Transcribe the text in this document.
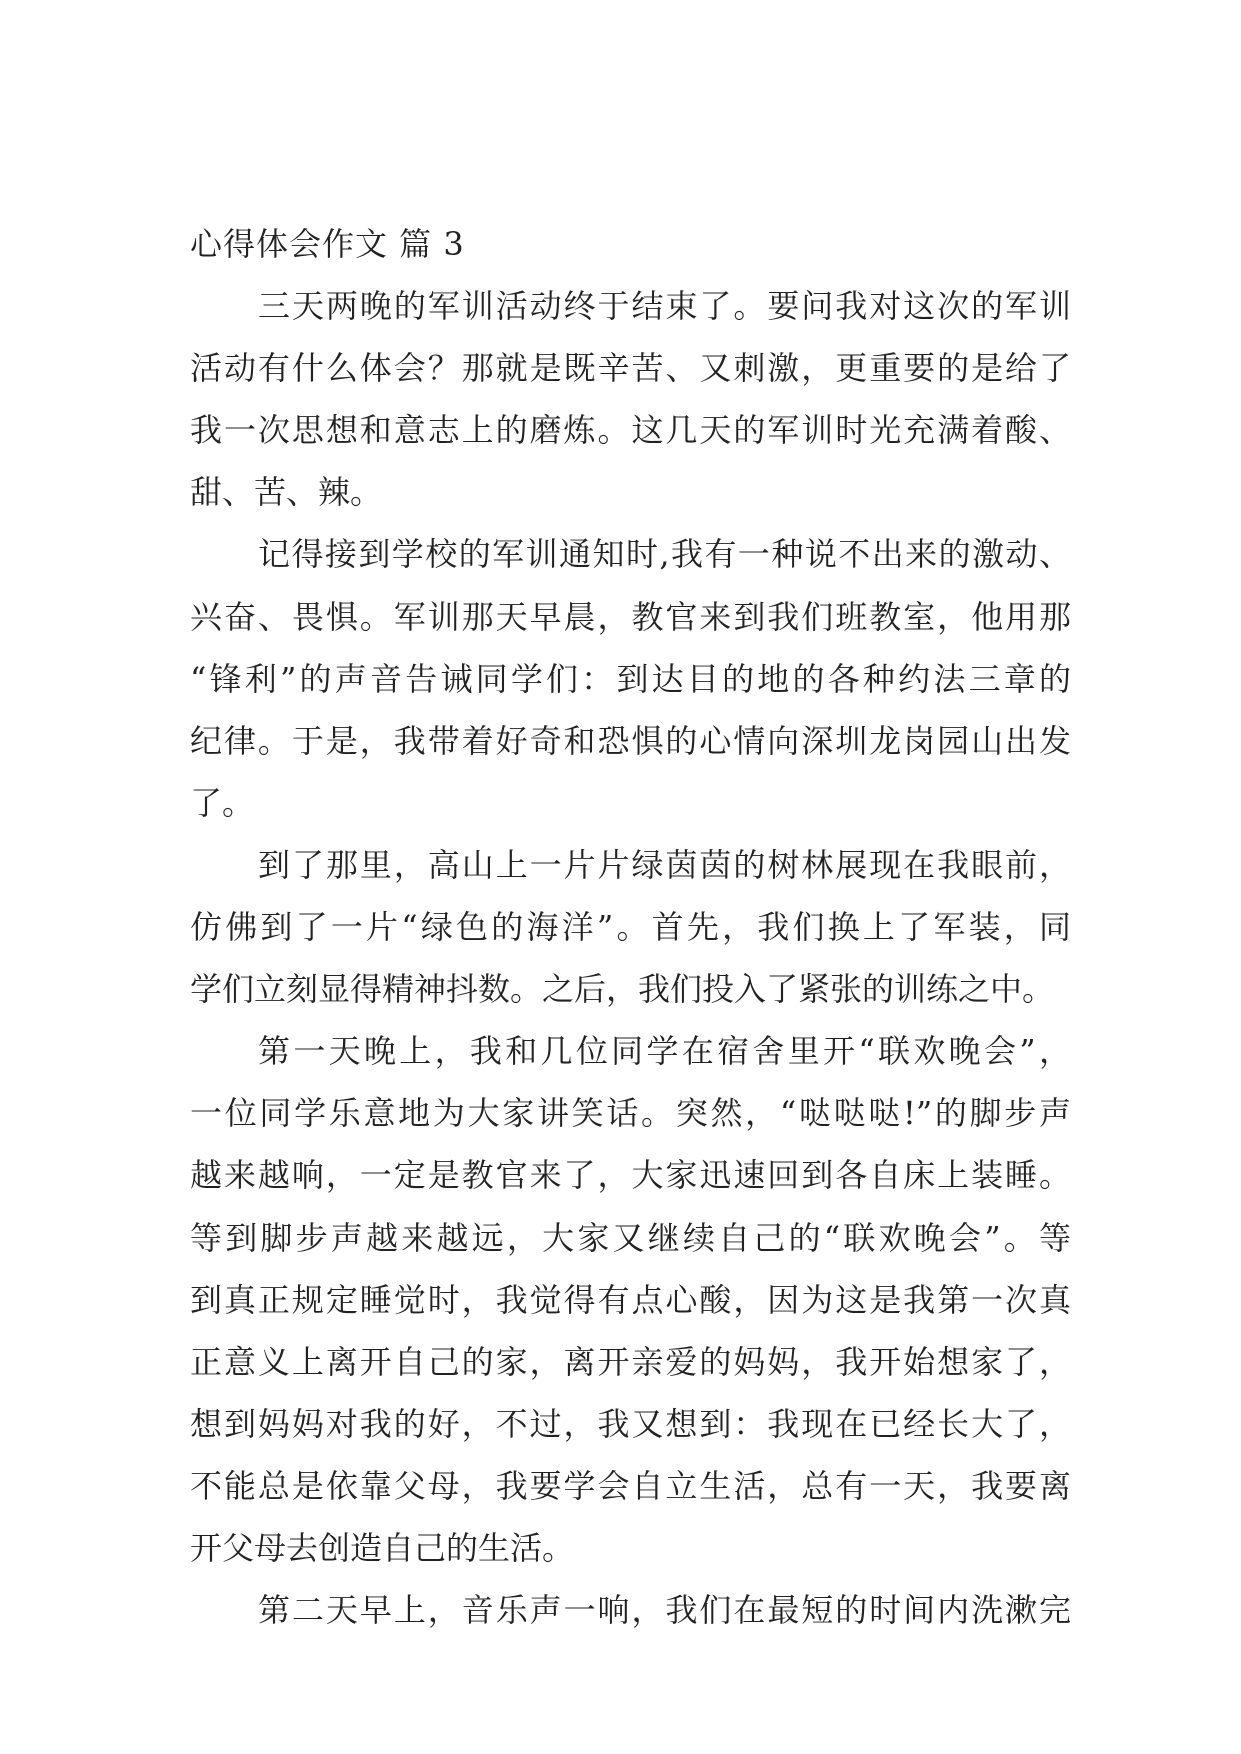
心得体会作文 篇 3
三天两晚的军训活动终于结束了。要问我对这次的军训
活动有什么体会？那就是既辛苦、又刺激，更重要的是给了
我一次思想和意志上的磨炼。这几天的军训时光充满着酸、
甜、苦、辣。
记得接到学校的军训通知时,我有一种说不出来的激动、
兴奋、畏惧。军训那天早晨，教官来到我们班教室，他用那
“锋利”的声音告诫同学们：到达目的地的各种约法三章的
纪律。于是，我带着好奇和恐惧的心情向深圳龙岗园山出发
了。
到了那里，高山上一片片绿茵茵的树林展现在我眼前，
仿佛到了一片“绿色的海洋”。首先，我们换上了军装，同
学们立刻显得精神抖数。之后，我们投入了紧张的训练之中。
第一天晚上，我和几位同学在宿舍里开“联欢晚会”，
一位同学乐意地为大家讲笑话。突然，“哒哒哒!”的脚步声
越来越响，一定是教官来了，大家迅速回到各自床上装睡。
等到脚步声越来越远，大家又继续自己的“联欢晚会”。等
到真正规定睡觉时，我觉得有点心酸，因为这是我第一次真
正意义上离开自己的家，离开亲爱的妈妈，我开始想家了，
想到妈妈对我的好，不过，我又想到：我现在已经长大了，
不能总是依靠父母，我要学会自立生活，总有一天，我要离
开父母去创造自己的生活。
第二天早上，音乐声一响，我们在最短的时间内洗漱完
